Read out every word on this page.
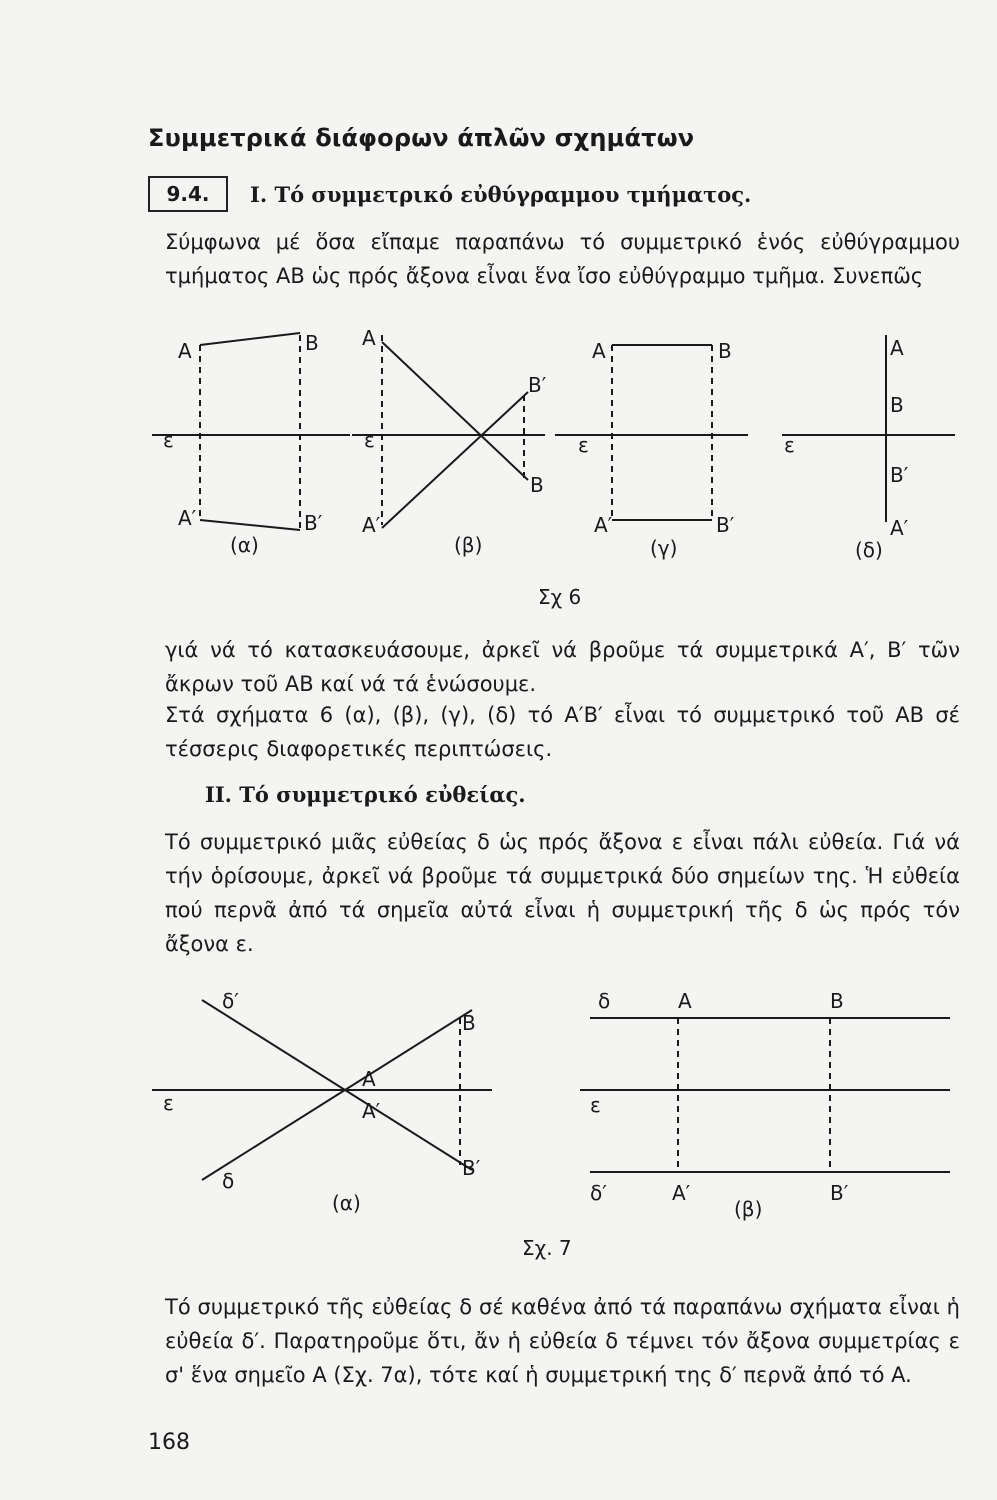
Συμμετρικά διάφορων άπλῶν σχημάτων
9.4.	I. Τό συμμετρικό εὐθύγραμμου τμήματος.
Σύμφωνα μέ ὅσα εἴπαμε παραπάνω τό συμμετρικό ἑνός εὐθύγραμμου τμήματος AB ὡς πρός ἄξονα εἶναι ἕνα ἴσο εὐθύγραμμο τμῆμα. Συνεπῶς
A	B
ε
A′	B′
(α)
A
B′
ε
B
A′
(β)
A	B
ε
A′	B′
(γ)
A
B
ε
B′
A′
(δ)
Σχ 6
γιά νά τό κατασκευάσουμε, ἀρκεῖ νά βροῦμε τά συμμετρικά A′, B′ τῶν ἄκρων τοῦ AB καί νά τά ἑνώσουμε.
Στά σχήματα 6 (α), (β), (γ), (δ) τό A′B′ εἶναι τό συμμετρικό τοῦ AB σέ τέσσερις διαφορετικές περιπτώσεις.
II. Τό συμμετρικό εὐθείας.
Τό συμμετρικό μιᾶς εὐθείας δ ὡς πρός ἄξονα ε εἶναι πάλι εὐθεία. Γιά νά τήν ὁρίσουμε, ἀρκεῖ νά βροῦμε τά συμμετρικά δύο σημείων της. Ἡ εὐθεία πού περνᾶ ἀπό τά σημεῖα αὐτά εἶναι ἡ συμμετρική τῆς δ ὡς πρός τόν ἄξονα ε.
δ′
B
A
ε	A′
B′
δ
(α)
δ	A	B
ε
δ′	A′	B′
(β)
Σχ. 7
Τό συμμετρικό τῆς εὐθείας δ σέ καθένα ἀπό τά παραπάνω σχήματα εἶναι ἡ εὐθεία δ′. Παρατηροῦμε ὅτι, ἄν ἡ εὐθεία δ τέμνει τόν ἄξονα συμμετρίας ε σ' ἕνα σημεῖο A (Σχ. 7α), τότε καί ἡ συμμετρική της δ′ περνᾶ ἀπό τό A.
168
